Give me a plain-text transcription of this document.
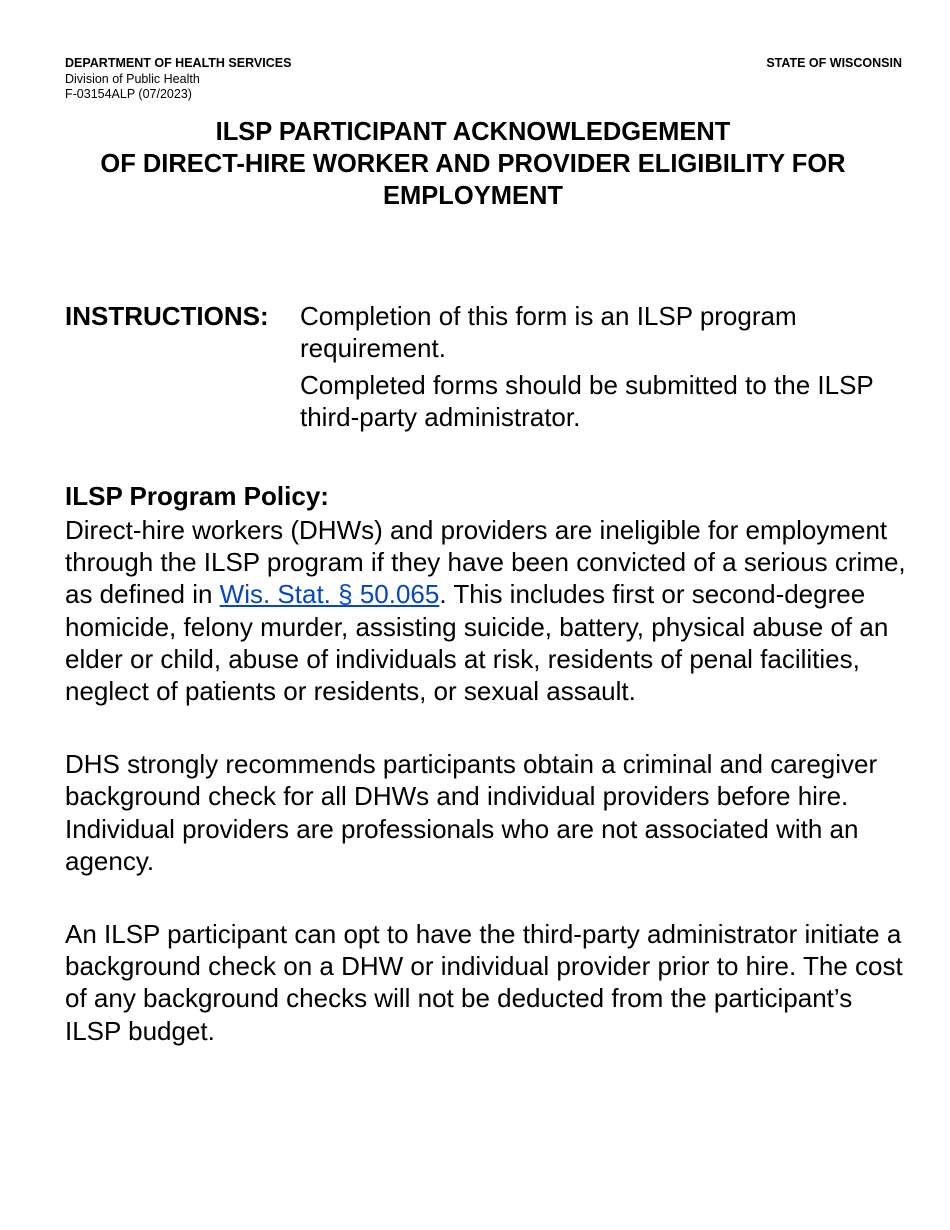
DEPARTMENT OF HEALTH SERVICES
Division of Public Health
F-03154ALP (07/2023)
STATE OF WISCONSIN
ILSP PARTICIPANT ACKNOWLEDGEMENT
OF DIRECT-HIRE WORKER AND PROVIDER ELIGIBILITY FOR
EMPLOYMENT
INSTRUCTIONS: Completion of this form is an ILSP program requirement.

Completed forms should be submitted to the ILSP third-party administrator.

ILSP Program Policy:

Direct-hire workers (DHWs) and providers are ineligible for employment through the ILSP program if they have been convicted of a serious crime, as defined in Wis. Stat. § 50.065. This includes first or second-degree homicide, felony murder, assisting suicide, battery, physical abuse of an elder or child, abuse of individuals at risk, residents of penal facilities, neglect of patients or residents, or sexual assault.

DHS strongly recommends participants obtain a criminal and caregiver background check for all DHWs and individual providers before hire. Individual providers are professionals who are not associated with an agency.

An ILSP participant can opt to have the third-party administrator initiate a background check on a DHW or individual provider prior to hire. The cost of any background checks will not be deducted from the participant’s ILSP budget.
